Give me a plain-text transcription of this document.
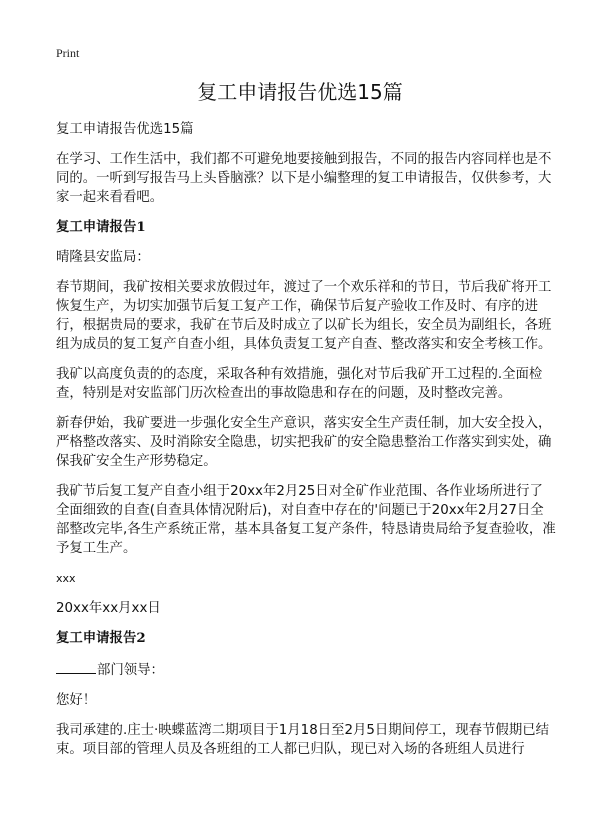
Print
复工申请报告优选15篇

复工申请报告优选15篇

在学习、工作生活中，我们都不可避免地要接触到报告，不同的报告内容同样也是不同的。一听到写报告马上头昏脑涨？以下是小编整理的复工申请报告，仅供参考，大家一起来看看吧。

复工申请报告1

晴隆县安监局：

春节期间，我矿按相关要求放假过年，渡过了一个欢乐祥和的节日，节后我矿将开工恢复生产，为切实加强节后复工复产工作，确保节后复产验收工作及时、有序的进行，根据贵局的要求，我矿在节后及时成立了以矿长为组长，安全员为副组长，各班组为成员的复工复产自查小组，具体负责复工复产自查、整改落实和安全考核工作。

我矿以高度负责的的态度，采取各种有效措施，强化对节后我矿开工过程的.全面检查，特别是对安监部门历次检查出的事故隐患和存在的问题，及时整改完善。

新春伊始，我矿要进一步强化安全生产意识，落实安全生产责任制，加大安全投入，严格整改落实、及时消除安全隐患，切实把我矿的安全隐患整治工作落实到实处，确保我矿安全生产形势稳定。

我矿节后复工复产自查小组于20xx年2月25日对全矿作业范围、各作业场所进行了全面细致的自查(自查具体情况附后)，对自查中存在的'问题已于20xx年2月27日全部整改完毕,各生产系统正常，基本具备复工复产条件，特恳请贵局给予复查验收，准予复工生产。

xxx

20xx年xx月xx日

复工申请报告2

部门领导：

您好！

我司承建的.庄士·映蝶蓝湾二期项目于1月18日至2月5日期间停工，现春节假期已结束。项目部的管理人员及各班组的工人都已归队，现已对入场的各班组人员进行
